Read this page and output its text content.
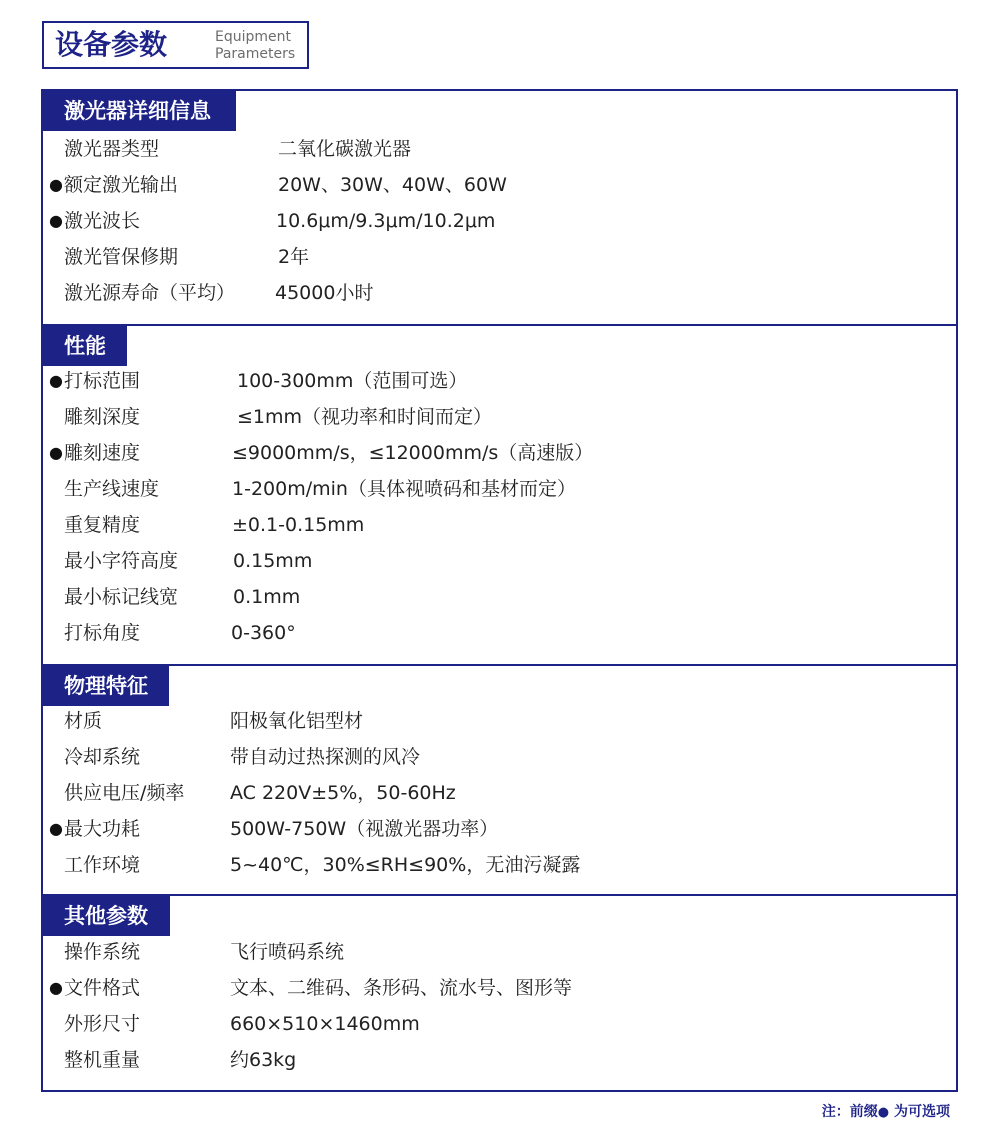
设备参数	Equipment
Parameters
激光器详细信息
激光器类型	二氧化碳激光器
● 额定激光输出	20W、30W、40W、60W
● 激光波长	10.6μm/9.3μm/10.2μm
激光管保修期	2年
激光源寿命（平均） 45000小时
性能
● 打标范围	100-300mm（范围可选）
雕刻深度	≤1mm（视功率和时间而定）
● 雕刻速度	≤9000mm/s，≤12000mm/s（高速版）
生产线速度	1-200m/min（具体视喷码和基材而定）
重复精度	±0.1-0.15mm
最小字符高度	0.15mm
最小标记线宽	0.1mm
打标角度	0-360°
物理特征
材质	阳极氧化铝型材
冷却系统	带自动过热探测的风冷
供应电压/频率 AC 220V±5%，50-60Hz
● 最大功耗	500W-750W（视激光器功率）
工作环境	5~40℃，30%≤RH≤90%，无油污凝露
其他参数
操作系统	飞行喷码系统
● 文件格式	文本、二维码、条形码、流水号、图形等
外形尺寸	660×510×1460mm
整机重量	约63kg
注：前缀● 为可选项
